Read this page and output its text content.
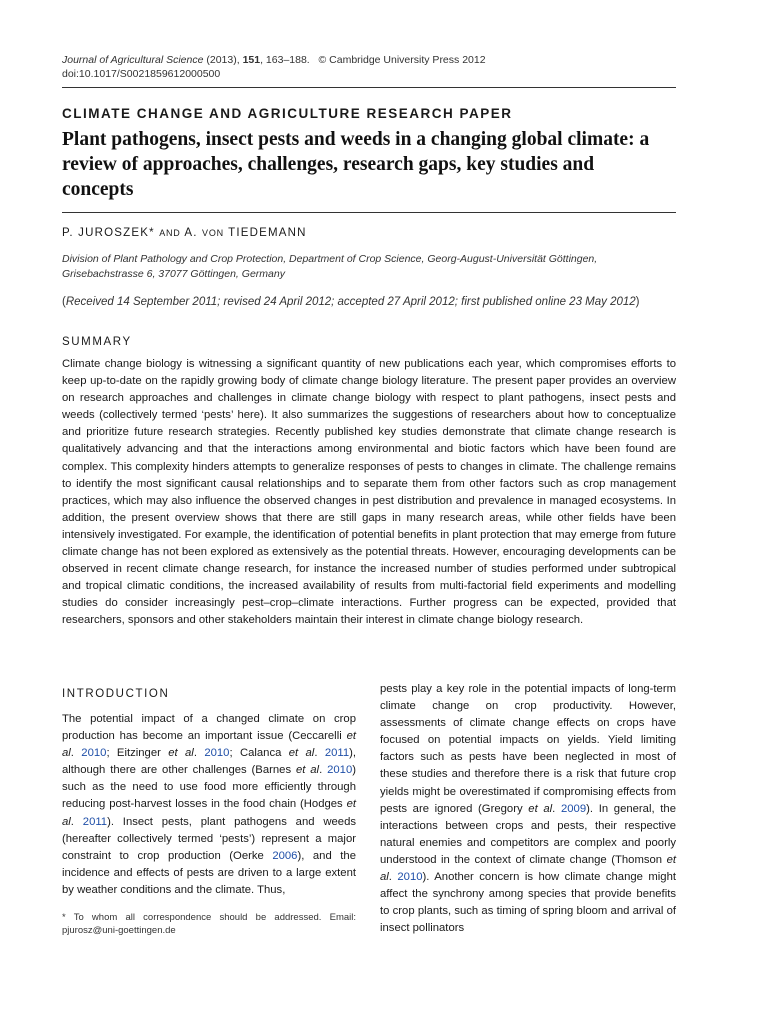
Journal of Agricultural Science (2013), 151, 163–188. © Cambridge University Press 2012
doi:10.1017/S0021859612000500
CLIMATE CHANGE AND AGRICULTURE RESEARCH PAPER
Plant pathogens, insect pests and weeds in a changing global climate: a review of approaches, challenges, research gaps, key studies and concepts
P. JUROSZEK* AND A. VON TIEDEMANN
Division of Plant Pathology and Crop Protection, Department of Crop Science, Georg-August-Universität Göttingen, Grisebachstrasse 6, 37077 Göttingen, Germany
(Received 14 September 2011; revised 24 April 2012; accepted 27 April 2012; first published online 23 May 2012)
SUMMARY

Climate change biology is witnessing a significant quantity of new publications each year, which compromises efforts to keep up-to-date on the rapidly growing body of climate change biology literature. The present paper provides an overview on research approaches and challenges in climate change biology with respect to plant pathogens, insect pests and weeds (collectively termed ‘pests’ here). It also summarizes the suggestions of researchers about how to conceptualize and prioritize future research strategies. Recently published key studies demonstrate that climate change research is qualitatively advancing and that the interactions among environmental and biotic factors which have been found are complex. This complexity hinders attempts to generalize responses of pests to changes in climate. The challenge remains to identify the most significant causal relationships and to separate them from other factors such as crop management practices, which may also influence the observed changes in pest distribution and prevalence in managed ecosystems. In addition, the present overview shows that there are still gaps in many research areas, while other fields have been intensively investigated. For example, the identification of potential benefits in plant protection that may emerge from future climate change has not been explored as extensively as the potential threats. However, encouraging developments can be observed in recent climate change research, for instance the increased number of studies performed under subtropical and tropical climatic conditions, the increased availability of results from multi-factorial field experiments and modelling studies do consider increasingly pest–crop–climate interactions. Further progress can be expected, provided that researchers, sponsors and other stakeholders maintain their interest in climate change biology research.

INTRODUCTION

The potential impact of a changed climate on crop production has become an important issue (Ceccarelli et al. 2010; Eitzinger et al. 2010; Calanca et al. 2011), although there are other challenges (Barnes et al. 2010) such as the need to use food more efficiently through reducing post-harvest losses in the food chain (Hodges et al. 2011). Insect pests, plant pathogens and weeds (hereafter collectively termed ‘pests’) represent a major constraint to crop production (Oerke 2006), and the incidence and effects of pests are driven to a large extent by weather conditions and the climate. Thus,

pests play a key role in the potential impacts of long-term climate change on crop productivity. However, assessments of climate change effects on crops have focused on potential impacts on yields. Yield limiting factors such as pests have been neglected in most of these studies and therefore there is a risk that future crop yields might be overestimated if compromising effects from pests are ignored (Gregory et al. 2009). In general, the interactions between crops and pests, their respective natural enemies and competitors are complex and poorly understood in the context of climate change (Thomson et al. 2010). Another concern is how climate change might affect the synchrony among species that provide benefits to crop plants, such as timing of spring bloom and arrival of insect pollinators

* To whom all correspondence should be addressed. Email: pjurosz@uni-goettingen.de
